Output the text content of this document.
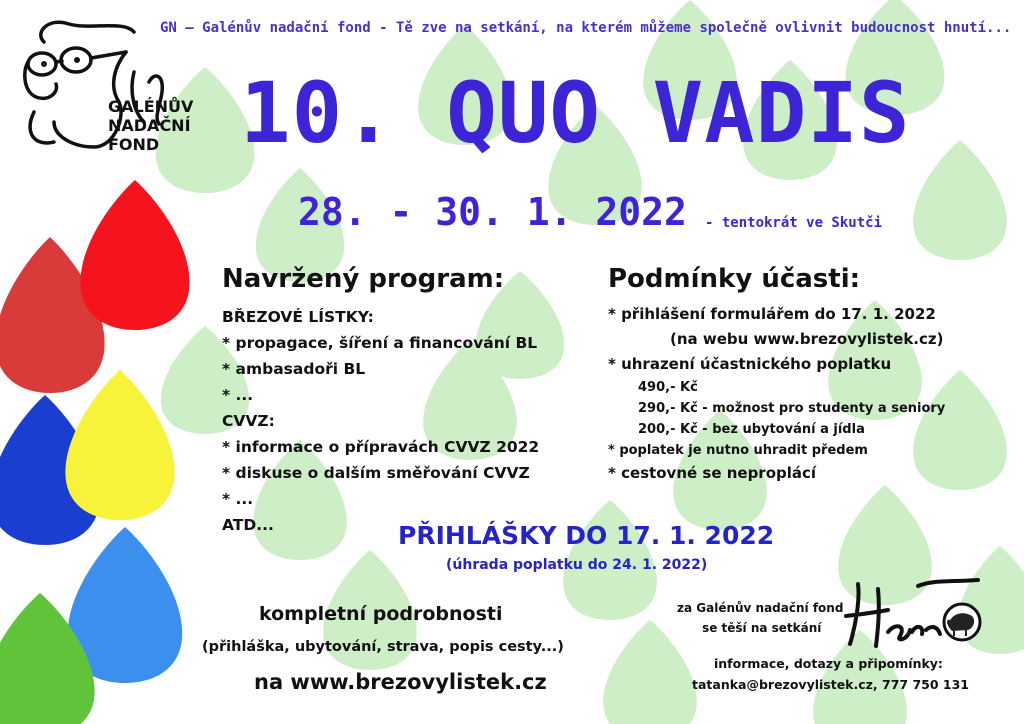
GALÉNŮV
NADAČNÍ
FOND
GN – Galénův nadační fond - Tě zve na setkání, na kterém můžeme společně ovlivnit budoucnost hnutí...
10. QUO VADIS
28. - 30. 1. 2022 - tentokrát ve Skutči
Navržený program:
BŘEZOVÉ LÍSTKY:
* propagace, šíření a financování BL
* ambasadoři BL
* ...
CVVZ:
* informace o přípravách CVVZ 2022
* diskuse o dalším směřování CVVZ
* ...
ATD...
Podmínky účasti:
* přihlášení formulářem do 17. 1. 2022
(na webu www.brezovylistek.cz)
* uhrazení účastnického poplatku
490,- Kč
290,- Kč - možnost pro studenty a seniory
200,- Kč - bez ubytování a jídla
* poplatek je nutno uhradit předem
* cestovné se neproplácí
PŘIHLÁŠKY DO 17. 1. 2022
(úhrada poplatku do 24. 1. 2022)
kompletní podrobnosti
(přihláška, ubytování, strava, popis cesty...)
na www.brezovylistek.cz
za Galénův nadační fond
se těší na setkání
informace, dotazy a připomínky:
tatanka@brezovylistek.cz, 777 750 131
